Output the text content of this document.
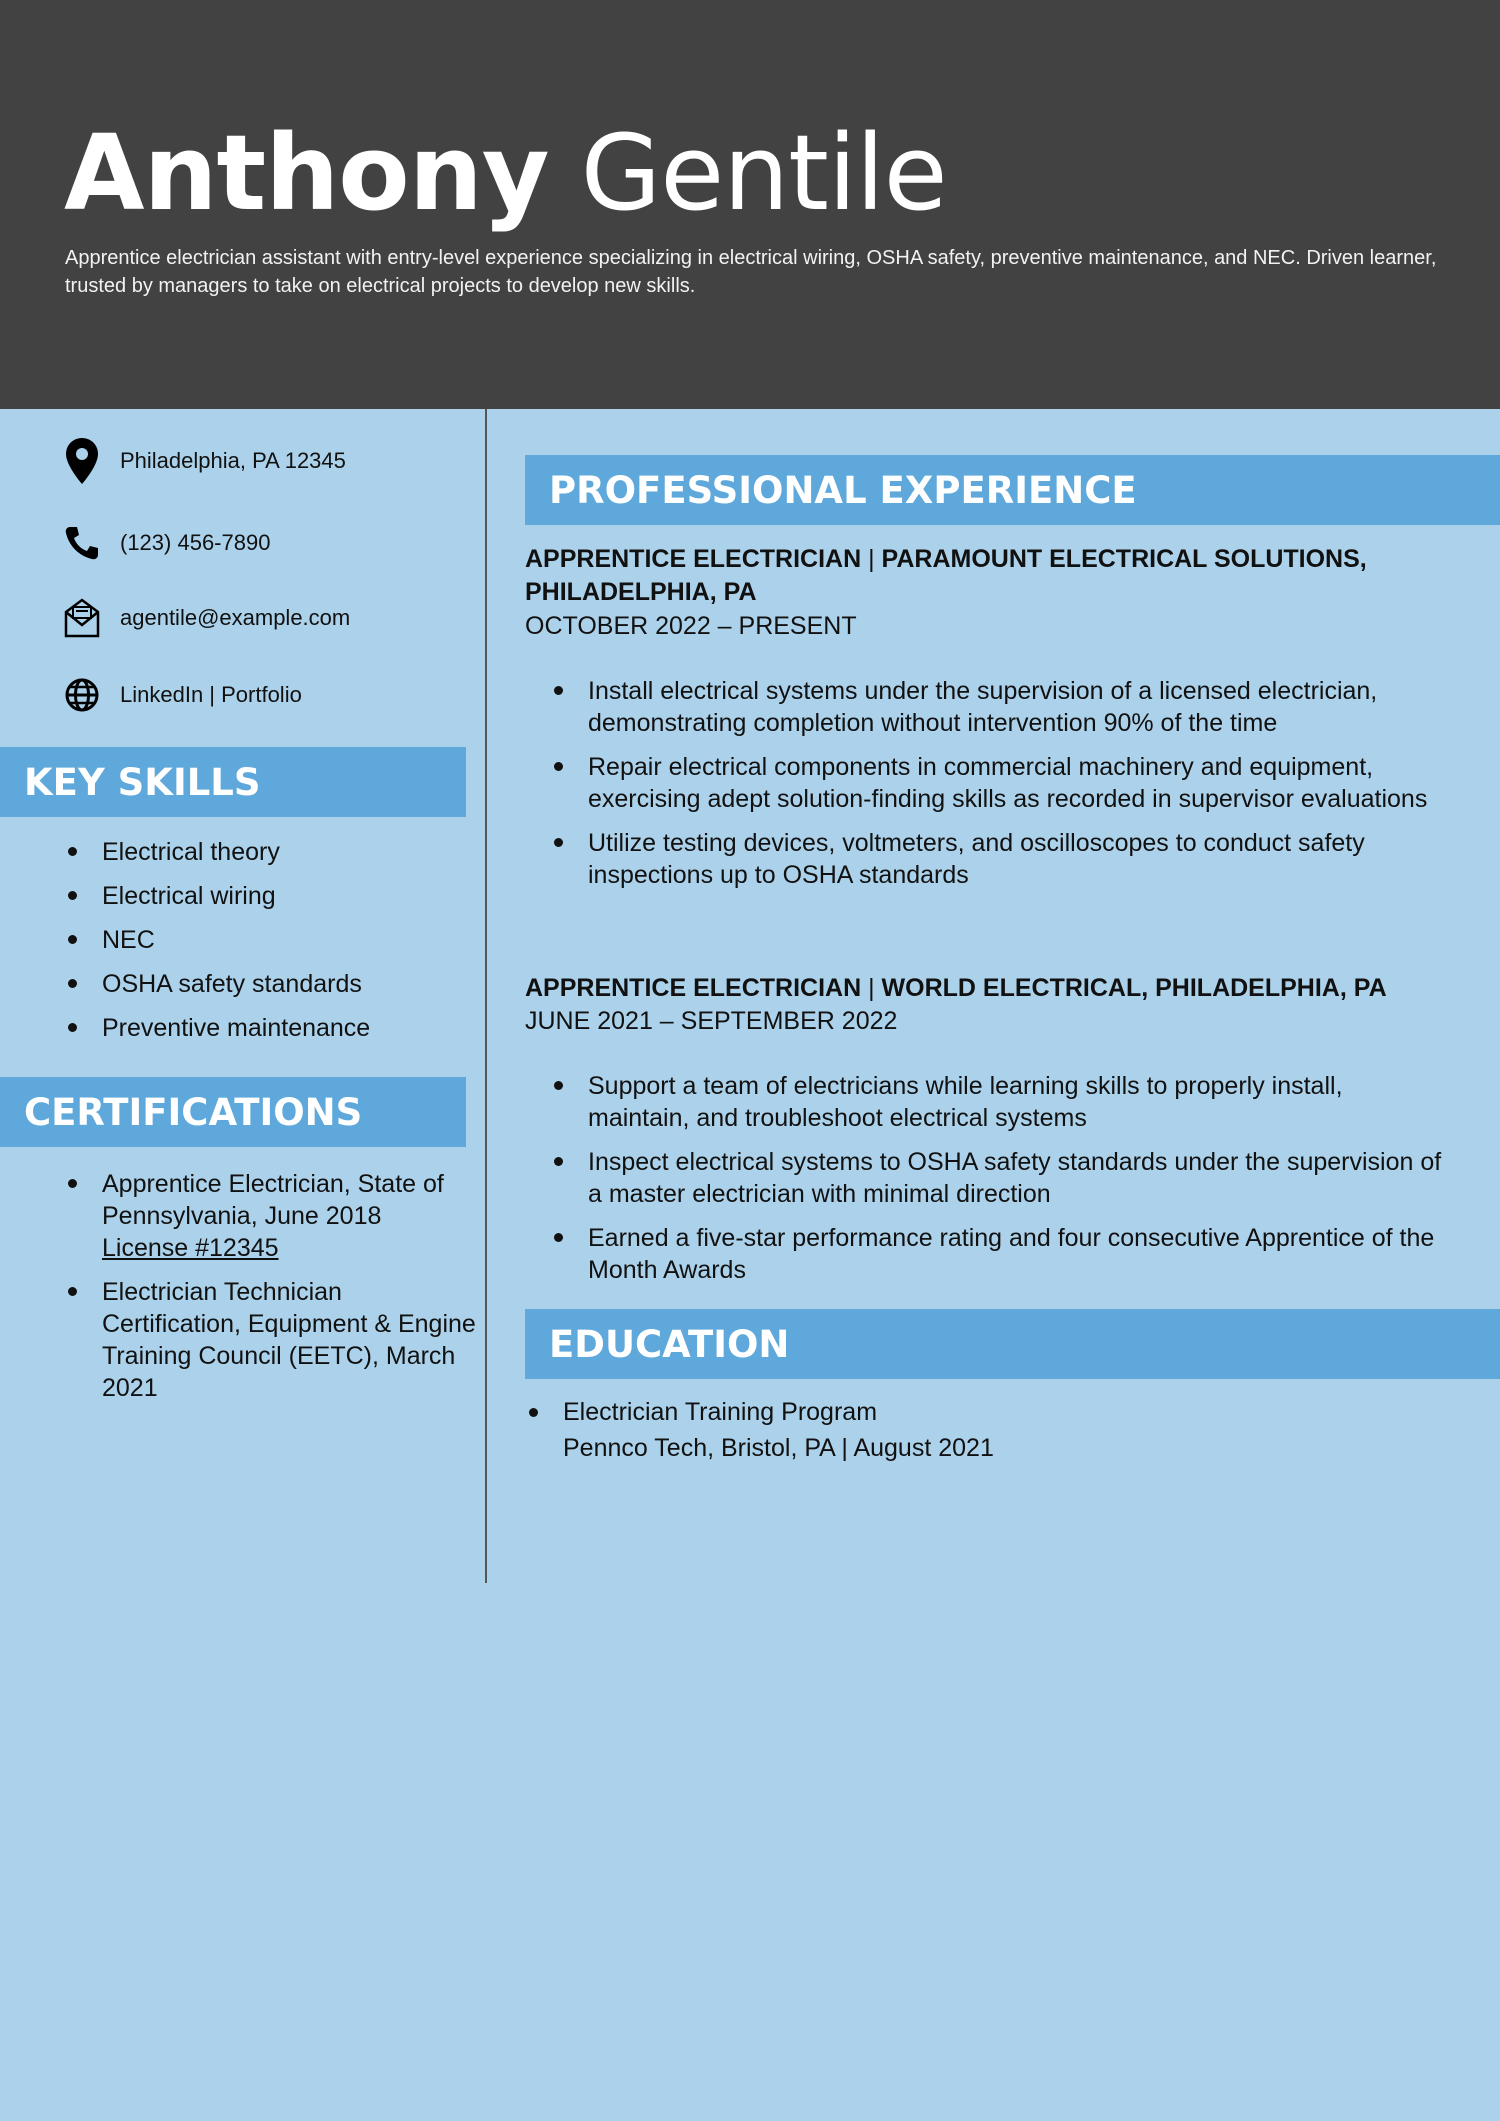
Anthony Gentile
Apprentice electrician assistant with entry-level experience specializing in electrical wiring, OSHA safety, preventive maintenance, and NEC. Driven learner, trusted by managers to take on electrical projects to develop new skills.
Philadelphia, PA 12345
(123) 456-7890
agentile@example.com
LinkedIn | Portfolio
KEY SKILLS
Electrical theory
Electrical wiring
NEC
OSHA safety standards
Preventive maintenance
CERTIFICATIONS
Apprentice Electrician, State of Pennsylvania, June 2018
License #12345
Electrician Technician Certification, Equipment & Engine Training Council (EETC), March 2021
PROFESSIONAL EXPERIENCE
APPRENTICE ELECTRICIAN | PARAMOUNT ELECTRICAL SOLUTIONS, PHILADELPHIA, PA
OCTOBER 2022 – PRESENT
Install electrical systems under the supervision of a licensed electrician, demonstrating completion without intervention 90% of the time
Repair electrical components in commercial machinery and equipment, exercising adept solution-finding skills as recorded in supervisor evaluations
Utilize testing devices, voltmeters, and oscilloscopes to conduct safety inspections up to OSHA standards
APPRENTICE ELECTRICIAN | WORLD ELECTRICAL, PHILADELPHIA, PA
JUNE 2021 – SEPTEMBER 2022
Support a team of electricians while learning skills to properly install, maintain, and troubleshoot electrical systems
Inspect electrical systems to OSHA safety standards under the supervision of a master electrician with minimal direction
Earned a five-star performance rating and four consecutive Apprentice of the Month Awards
EDUCATION
Electrician Training Program
Pennco Tech, Bristol, PA | August 2021
